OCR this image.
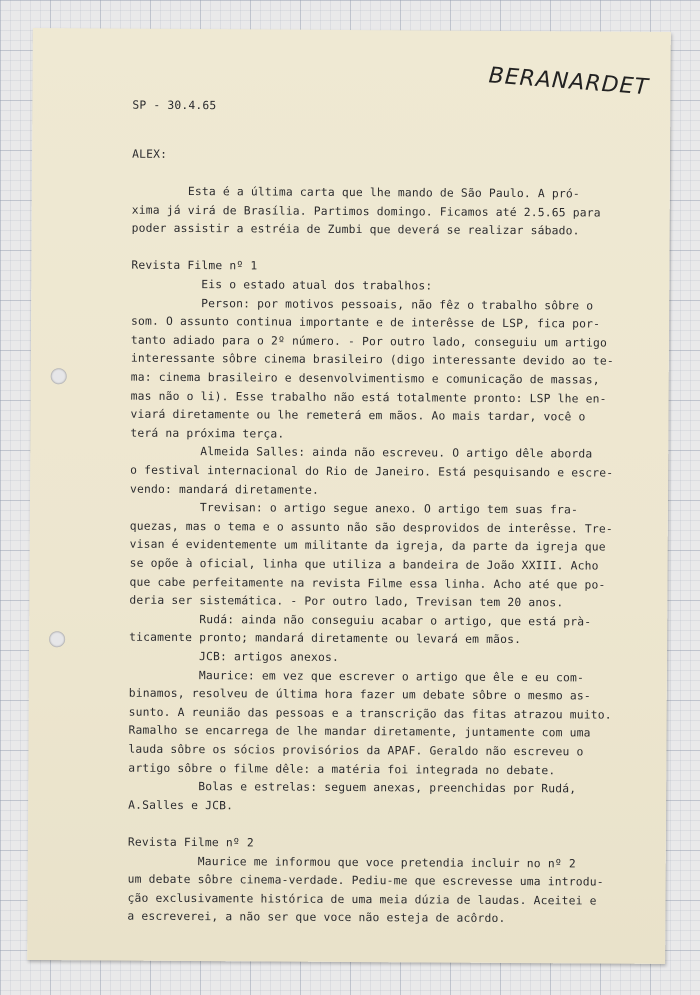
BERANARDET

SP - 30.4.65

ALEX:

Esta é a última carta que lhe mando de São Paulo. A pró-
xima já virá de Brasília. Partimos domingo. Ficamos até 2.5.65 para
poder assistir a estréia de Zumbi que deverá se realizar sábado.
Revista Filme nº 1
Eis o estado atual dos trabalhos:
Person: por motivos pessoais, não fêz o trabalho sôbre o
som. O assunto continua importante e de interêsse de LSP, fica por-
tanto adiado para o 2º número. - Por outro lado, conseguiu um artigo
interessante sôbre cinema brasileiro (digo interessante devido ao te-
ma: cinema brasileiro e desenvolvimentismo e comunicação de massas,
mas não o li). Esse trabalho não está totalmente pronto: LSP lhe en-
viará diretamente ou lhe remeterá em mãos. Ao mais tardar, você o
terá na próxima terça.
Almeida Salles: ainda não escreveu. O artigo dêle aborda
o festival internacional do Rio de Janeiro. Está pesquisando e escre-
vendo: mandará diretamente.
Trevisan: o artigo segue anexo. O artigo tem suas fra-
quezas, mas o tema e o assunto não são desprovidos de interêsse. Tre-
visan é evidentemente um militante da igreja, da parte da igreja que
se opõe à oficial, linha que utiliza a bandeira de João XXIII. Acho
que cabe perfeitamente na revista Filme essa linha. Acho até que po-
deria ser sistemática. - Por outro lado, Trevisan tem 20 anos.
Rudá: ainda não conseguiu acabar o artigo, que está prà-
ticamente pronto; mandará diretamente ou levará em mãos.
JCB: artigos anexos.
Maurice: em vez que escrever o artigo que êle e eu com-
binamos, resolveu de última hora fazer um debate sôbre o mesmo as-
sunto. A reunião das pessoas e a transcrição das fitas atrazou muito.
Ramalho se encarrega de lhe mandar diretamente, juntamente com uma
lauda sôbre os sócios provisórios da APAF. Geraldo não escreveu o
artigo sôbre o filme dêle: a matéria foi integrada no debate.
Bolas e estrelas: seguem anexas, preenchidas por Rudá,
A.Salles e JCB.
Revista Filme nº 2
Maurice me informou que voce pretendia incluir no nº 2
um debate sôbre cinema-verdade. Pediu-me que escrevesse uma introdu-
ção exclusivamente histórica de uma meia dúzia de laudas. Aceitei e
a escreverei, a não ser que voce não esteja de acôrdo.
